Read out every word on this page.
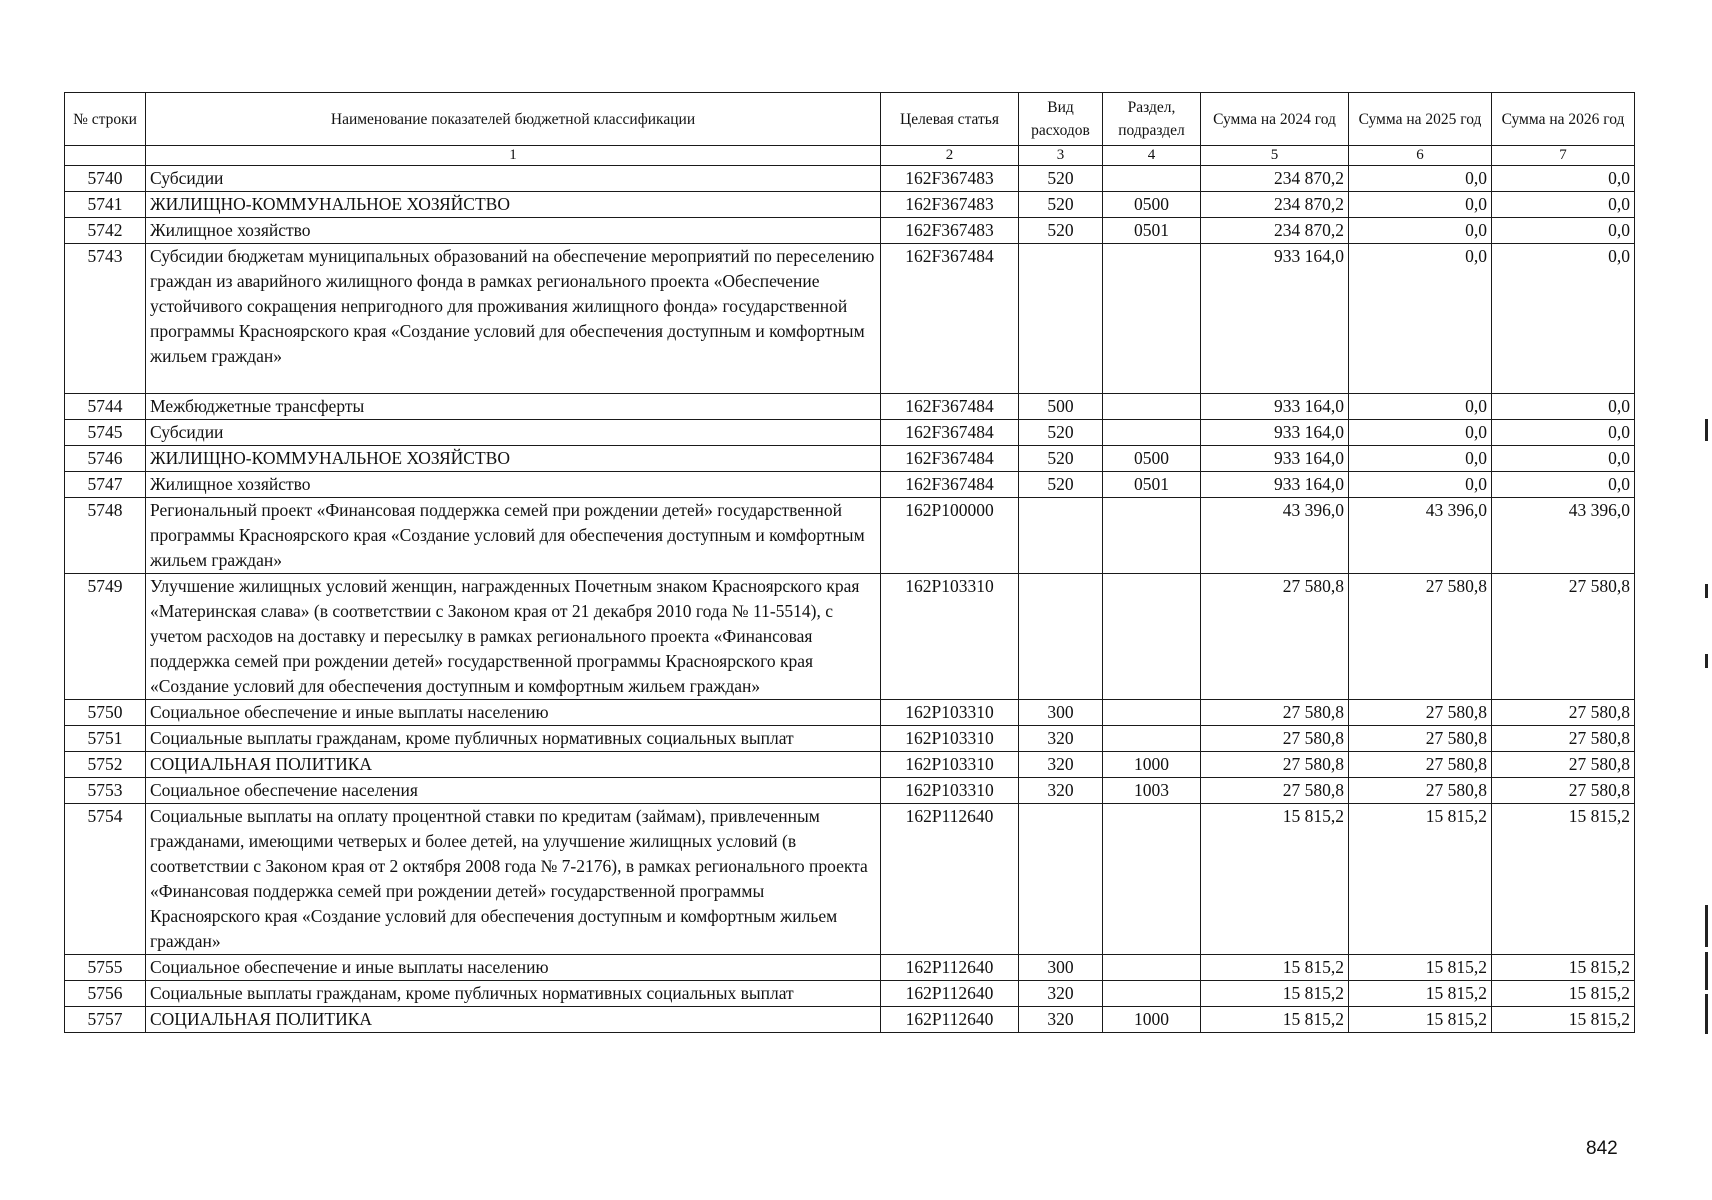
№ строки	Наименование показателей бюджетной классификации	Целевая статья	Вид расходов	Раздел, подраздел	Сумма на 2024 год	Сумма на 2025 год	Сумма на 2026 год
	1	2	3	4	5	6	7
5740	Субсидии	162F367483	520		234 870,2	0,0	0,0
5741	ЖИЛИЩНО-КОММУНАЛЬНОЕ ХОЗЯЙСТВО	162F367483	520	0500	234 870,2	0,0	0,0
5742	Жилищное хозяйство	162F367483	520	0501	234 870,2	0,0	0,0
5743	Субсидии бюджетам муниципальных образований на обеспечение мероприятий по переселению граждан из аварийного жилищного фонда в рамках регионального проекта «Обеспечение устойчивого сокращения непригодного для проживания жилищного фонда» государственной программы Красноярского края «Создание условий для обеспечения доступным и комфортным жильем граждан»	162F367484			933 164,0	0,0	0,0
5744	Межбюджетные трансферты	162F367484	500		933 164,0	0,0	0,0
5745	Субсидии	162F367484	520		933 164,0	0,0	0,0
5746	ЖИЛИЩНО-КОММУНАЛЬНОЕ ХОЗЯЙСТВО	162F367484	520	0500	933 164,0	0,0	0,0
5747	Жилищное хозяйство	162F367484	520	0501	933 164,0	0,0	0,0
5748	Региональный проект «Финансовая поддержка семей при рождении детей» государственной программы Красноярского края «Создание условий для обеспечения доступным и комфортным жильем граждан»	162P100000			43 396,0	43 396,0	43 396,0
5749	Улучшение жилищных условий женщин, награжденных Почетным знаком Красноярского края «Материнская слава» (в соответствии с Законом края от 21 декабря 2010 года № 11-5514), с учетом расходов на доставку и пересылку в рамках регионального проекта «Финансовая поддержка семей при рождении детей» государственной программы Красноярского края «Создание условий для обеспечения доступным и комфортным жильем граждан»	162P103310			27 580,8	27 580,8	27 580,8
5750	Социальное обеспечение и иные выплаты населению	162P103310	300		27 580,8	27 580,8	27 580,8
5751	Социальные выплаты гражданам, кроме публичных нормативных социальных выплат	162P103310	320		27 580,8	27 580,8	27 580,8
5752	СОЦИАЛЬНАЯ ПОЛИТИКА	162P103310	320	1000	27 580,8	27 580,8	27 580,8
5753	Социальное обеспечение населения	162P103310	320	1003	27 580,8	27 580,8	27 580,8
5754	Социальные выплаты на оплату процентной ставки по кредитам (займам), привлеченным гражданами, имеющими четверых и более детей, на улучшение жилищных условий (в соответствии с Законом края от 2 октября 2008 года № 7-2176), в рамках регионального проекта «Финансовая поддержка семей при рождении детей» государственной программы Красноярского края «Создание условий для обеспечения доступным и комфортным жильем граждан»	162P112640			15 815,2	15 815,2	15 815,2
5755	Социальное обеспечение и иные выплаты населению	162P112640	300		15 815,2	15 815,2	15 815,2
5756	Социальные выплаты гражданам, кроме публичных нормативных социальных выплат	162P112640	320		15 815,2	15 815,2	15 815,2
5757	СОЦИАЛЬНАЯ ПОЛИТИКА	162P112640	320	1000	15 815,2	15 815,2	15 815,2
842
